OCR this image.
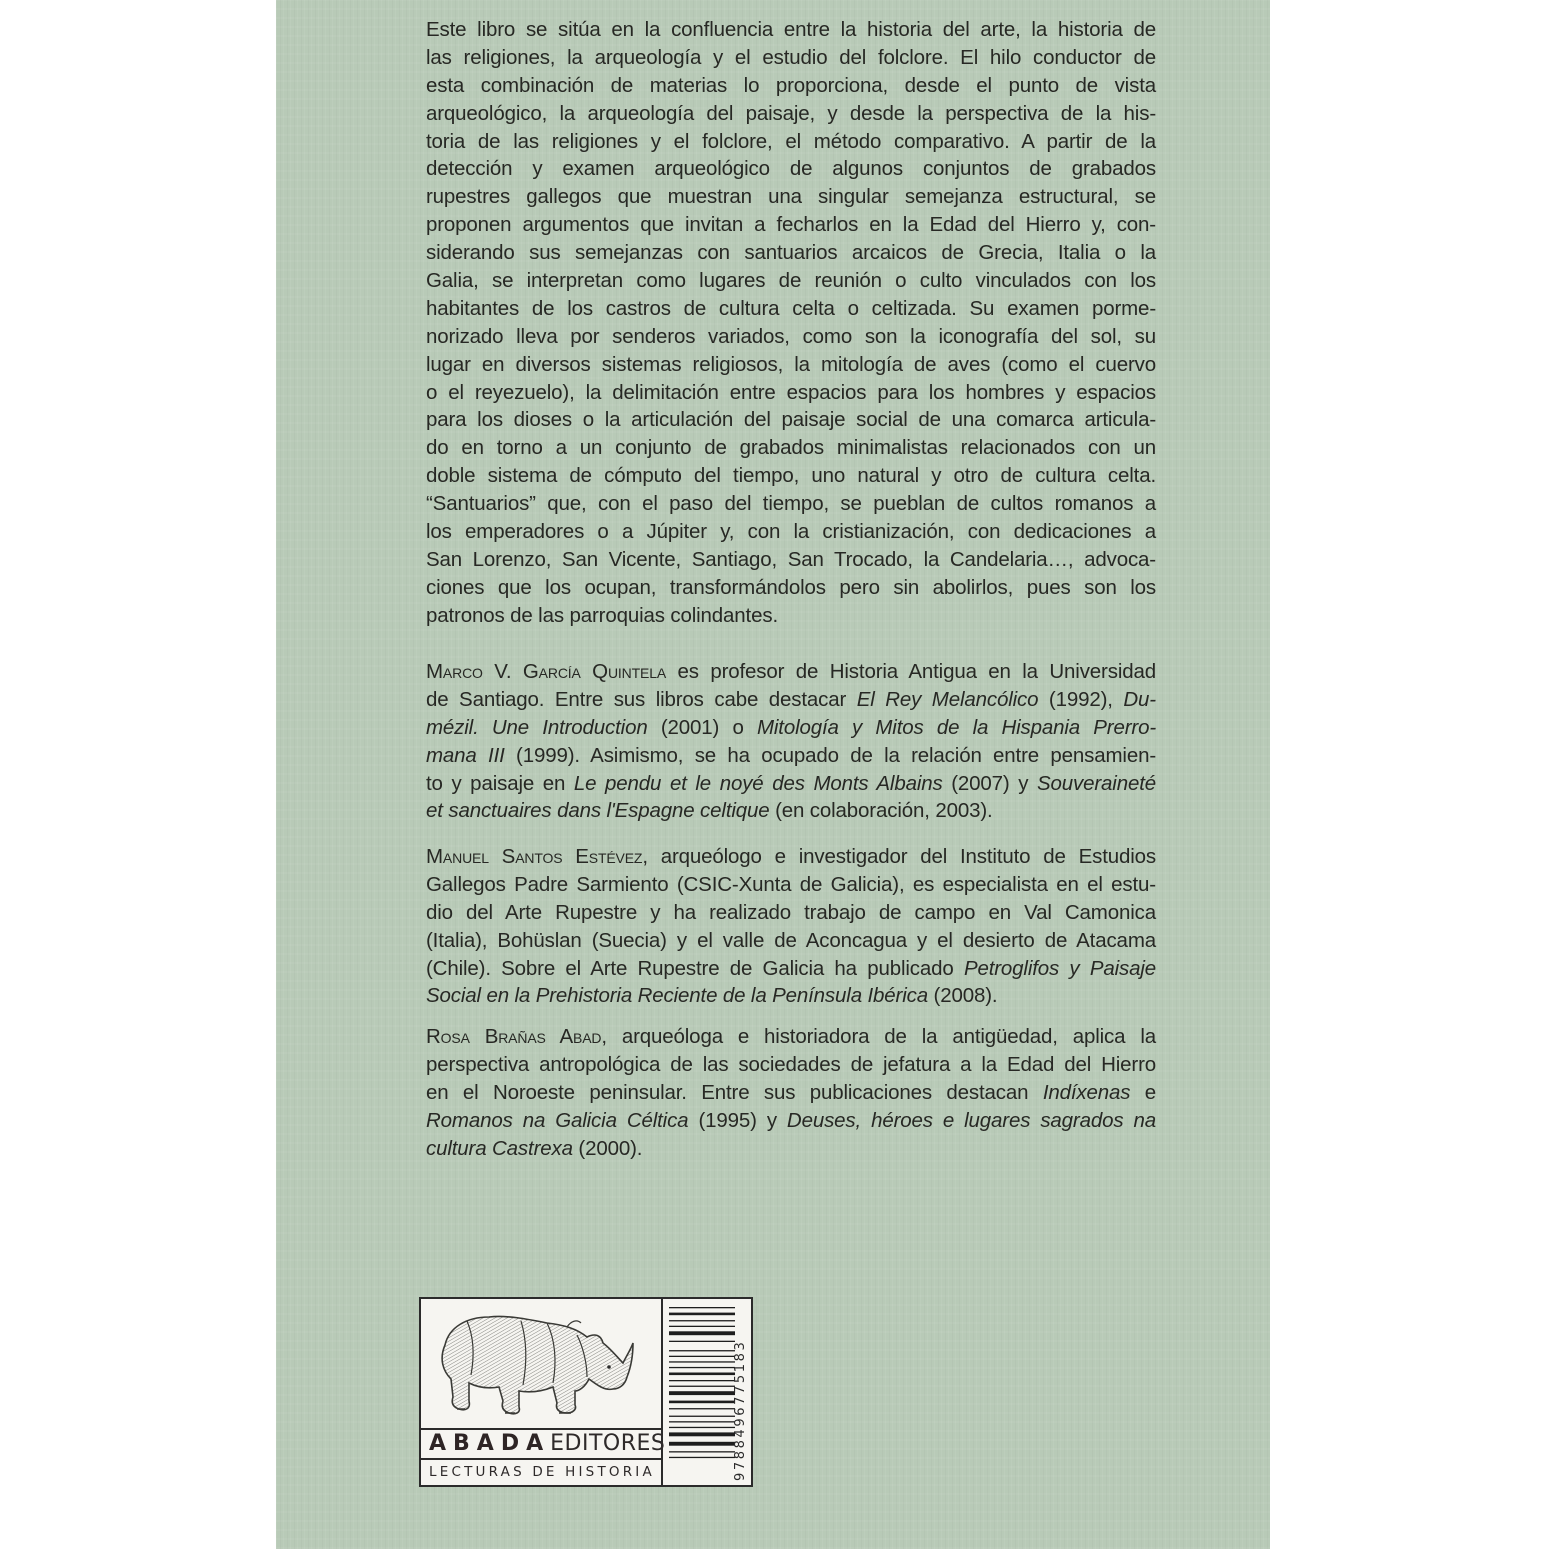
Este libro se sitúa en la confluencia entre la historia del arte, la historia de
las religiones, la arqueología y el estudio del folclore. El hilo conductor de
esta combinación de materias lo proporciona, desde el punto de vista
arqueológico, la arqueología del paisaje, y desde la perspectiva de la his-
toria de las religiones y el folclore, el método comparativo. A partir de la
detección y examen arqueológico de algunos conjuntos de grabados
rupestres gallegos que muestran una singular semejanza estructural, se
proponen argumentos que invitan a fecharlos en la Edad del Hierro y, con-
siderando sus semejanzas con santuarios arcaicos de Grecia, Italia o la
Galia, se interpretan como lugares de reunión o culto vinculados con los
habitantes de los castros de cultura celta o celtizada. Su examen porme-
norizado lleva por senderos variados, como son la iconografía del sol, su
lugar en diversos sistemas religiosos, la mitología de aves (como el cuervo
o el reyezuelo), la delimitación entre espacios para los hombres y espacios
para los dioses o la articulación del paisaje social de una comarca articula-
do en torno a un conjunto de grabados minimalistas relacionados con un
doble sistema de cómputo del tiempo, uno natural y otro de cultura celta.
“Santuarios” que, con el paso del tiempo, se pueblan de cultos romanos a
los emperadores o a Júpiter y, con la cristianización, con dedicaciones a
San Lorenzo, San Vicente, Santiago, San Trocado, la Candelaria…, advoca-
ciones que los ocupan, transformándolos pero sin abolirlos, pues son los
patronos de las parroquias colindantes.
Marco V. García Quintela es profesor de Historia Antigua en la Universidad
de Santiago. Entre sus libros cabe destacar El Rey Melancólico (1992), Du-
mézil. Une Introduction (2001) o Mitología y Mitos de la Hispania Prerro-
mana III (1999). Asimismo, se ha ocupado de la relación entre pensamien-
to y paisaje en Le pendu et le noyé des Monts Albains (2007) y Souveraineté
et sanctuaires dans l'Espagne celtique (en colaboración, 2003).
Manuel Santos Estévez, arqueólogo e investigador del Instituto de Estudios
Gallegos Padre Sarmiento (CSIC-Xunta de Galicia), es especialista en el estu-
dio del Arte Rupestre y ha realizado trabajo de campo en Val Camonica
(Italia), Bohüslan (Suecia) y el valle de Aconcagua y el desierto de Atacama
(Chile). Sobre el Arte Rupestre de Galicia ha publicado Petroglifos y Paisaje
Social en la Prehistoria Reciente de la Península Ibérica (2008).
Rosa Brañas Abad, arqueóloga e historiadora de la antigüedad, aplica la
perspectiva antropológica de las sociedades de jefatura a la Edad del Hierro
en el Noroeste peninsular. Entre sus publicaciones destacan Indíxenas e
Romanos na Galicia Céltica (1995) y Deuses, héroes e lugares sagrados na
cultura Castrexa (2000).
ABADAEDITORES
LECTURAS DE HISTORIA	9788496775183
